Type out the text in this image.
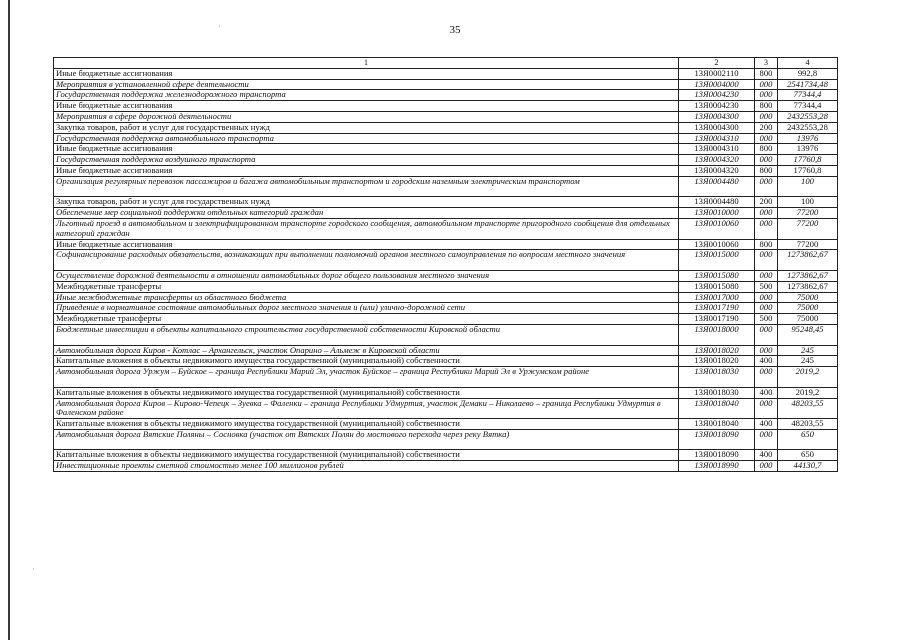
·
·
35
1	2	3	4
Иные бюджетные ассигнования	13Я0002110	800	992,8
Мероприятия в установленной сфере деятельности	13Я0004000	000	2541734,48
Государственная поддержка железнодорожного транспорта	13Я0004230	000	77344,4
Иные бюджетные ассигнования	13Я0004230	800	77344,4
Мероприятия в сфере дорожной деятельности	13Я0004300	000	2432553,28
Закупка товаров, работ и услуг для государственных нужд	13Я0004300	200	2432553,28
Государственная поддержка автомобильного транспорта	13Я0004310	000	13976
Иные бюджетные ассигнования	13Я0004310	800	13976
Государственная поддержка воздушного транспорта	13Я0004320	000	17760,8
Иные бюджетные ассигнования	13Я0004320	800	17760,8
Организация регулярных перевозок пассажиров и багажа автомобильным транспортом и городским наземным электрическим транспортом	13Я0004480	000	100
Закупка товаров, работ и услуг для государственных нужд	13Я0004480	200	100
Обеспечение мер социальной поддержки отдельных категорий граждан	13Я0010000	000	77200
Льготный проезд в автомобильном и электрифицированном транспорте городского сообщения, автомобильном транспорте пригородного сообщения для отдельных категорий граждан	13Я0010060	000	77200
Иные бюджетные ассигнования	13Я0010060	800	77200
Софинансирование расходных обязательств, возникающих при выполнении полномочий органов местного самоуправления по вопросам местного значения	13Я0015000	000	1273862,67
Осуществление дорожной деятельности в отношении автомобильных дорог общего пользования местного значения	13Я0015080	000	1273862,67
Межбюджетные трансферты	13Я0015080	500	1273862,67
Иные межбюджетные трансферты из областного бюджета	13Я0017000	000	75000
Приведение в нормативное состояние автомобильных дорог местного значения и (или) улично-дорожной сети	13Я0017190	000	75000
Межбюджетные трансферты	13Я0017190	500	75000
Бюджетные инвестиции в объекты капитального строительства государственной собственности Кировской области	13Я0018000	000	95248,45
Автомобильная дорога Киров - Котлас – Архангельск, участок Опарино – Альмеж в Кировской области	13Я0018020	000	245
Капитальные вложения в объекты недвижимого имущества государственной (муниципальной) собственности	13Я0018020	400	245
Автомобильная дорога Уржум – Буйское – граница Республики Марий Эл, участок Буйское – граница Республики Марий Эл в Уржумском районе	13Я0018030	000	2019,2
Капитальные вложения в объекты недвижимого имущества государственной (муниципальной) собственности	13Я0018030	400	2019,2
Автомобильная дорога Киров – Кирово-Чепецк – Зуевка – Фаленки – граница Республики Удмуртия, участок Демаки – Николаево – граница Республики Удмуртия в Фаленском районе	13Я0018040	000	48203,55
Капитальные вложения в объекты недвижимого имущества государственной (муниципальной) собственности	13Я0018040	400	48203,55
Автомобильная дорога Вятские Поляны – Сосновка (участок от Вятских Полян до мостового перехода через реку Вятка)	13Я0018090	000	650
Капитальные вложения в объекты недвижимого имущества государственной (муниципальной) собственности	13Я0018090	400	650
Инвестиционные проекты сметной стоимостью менее 100 миллионов рублей	13Я0018990	000	44130,7
